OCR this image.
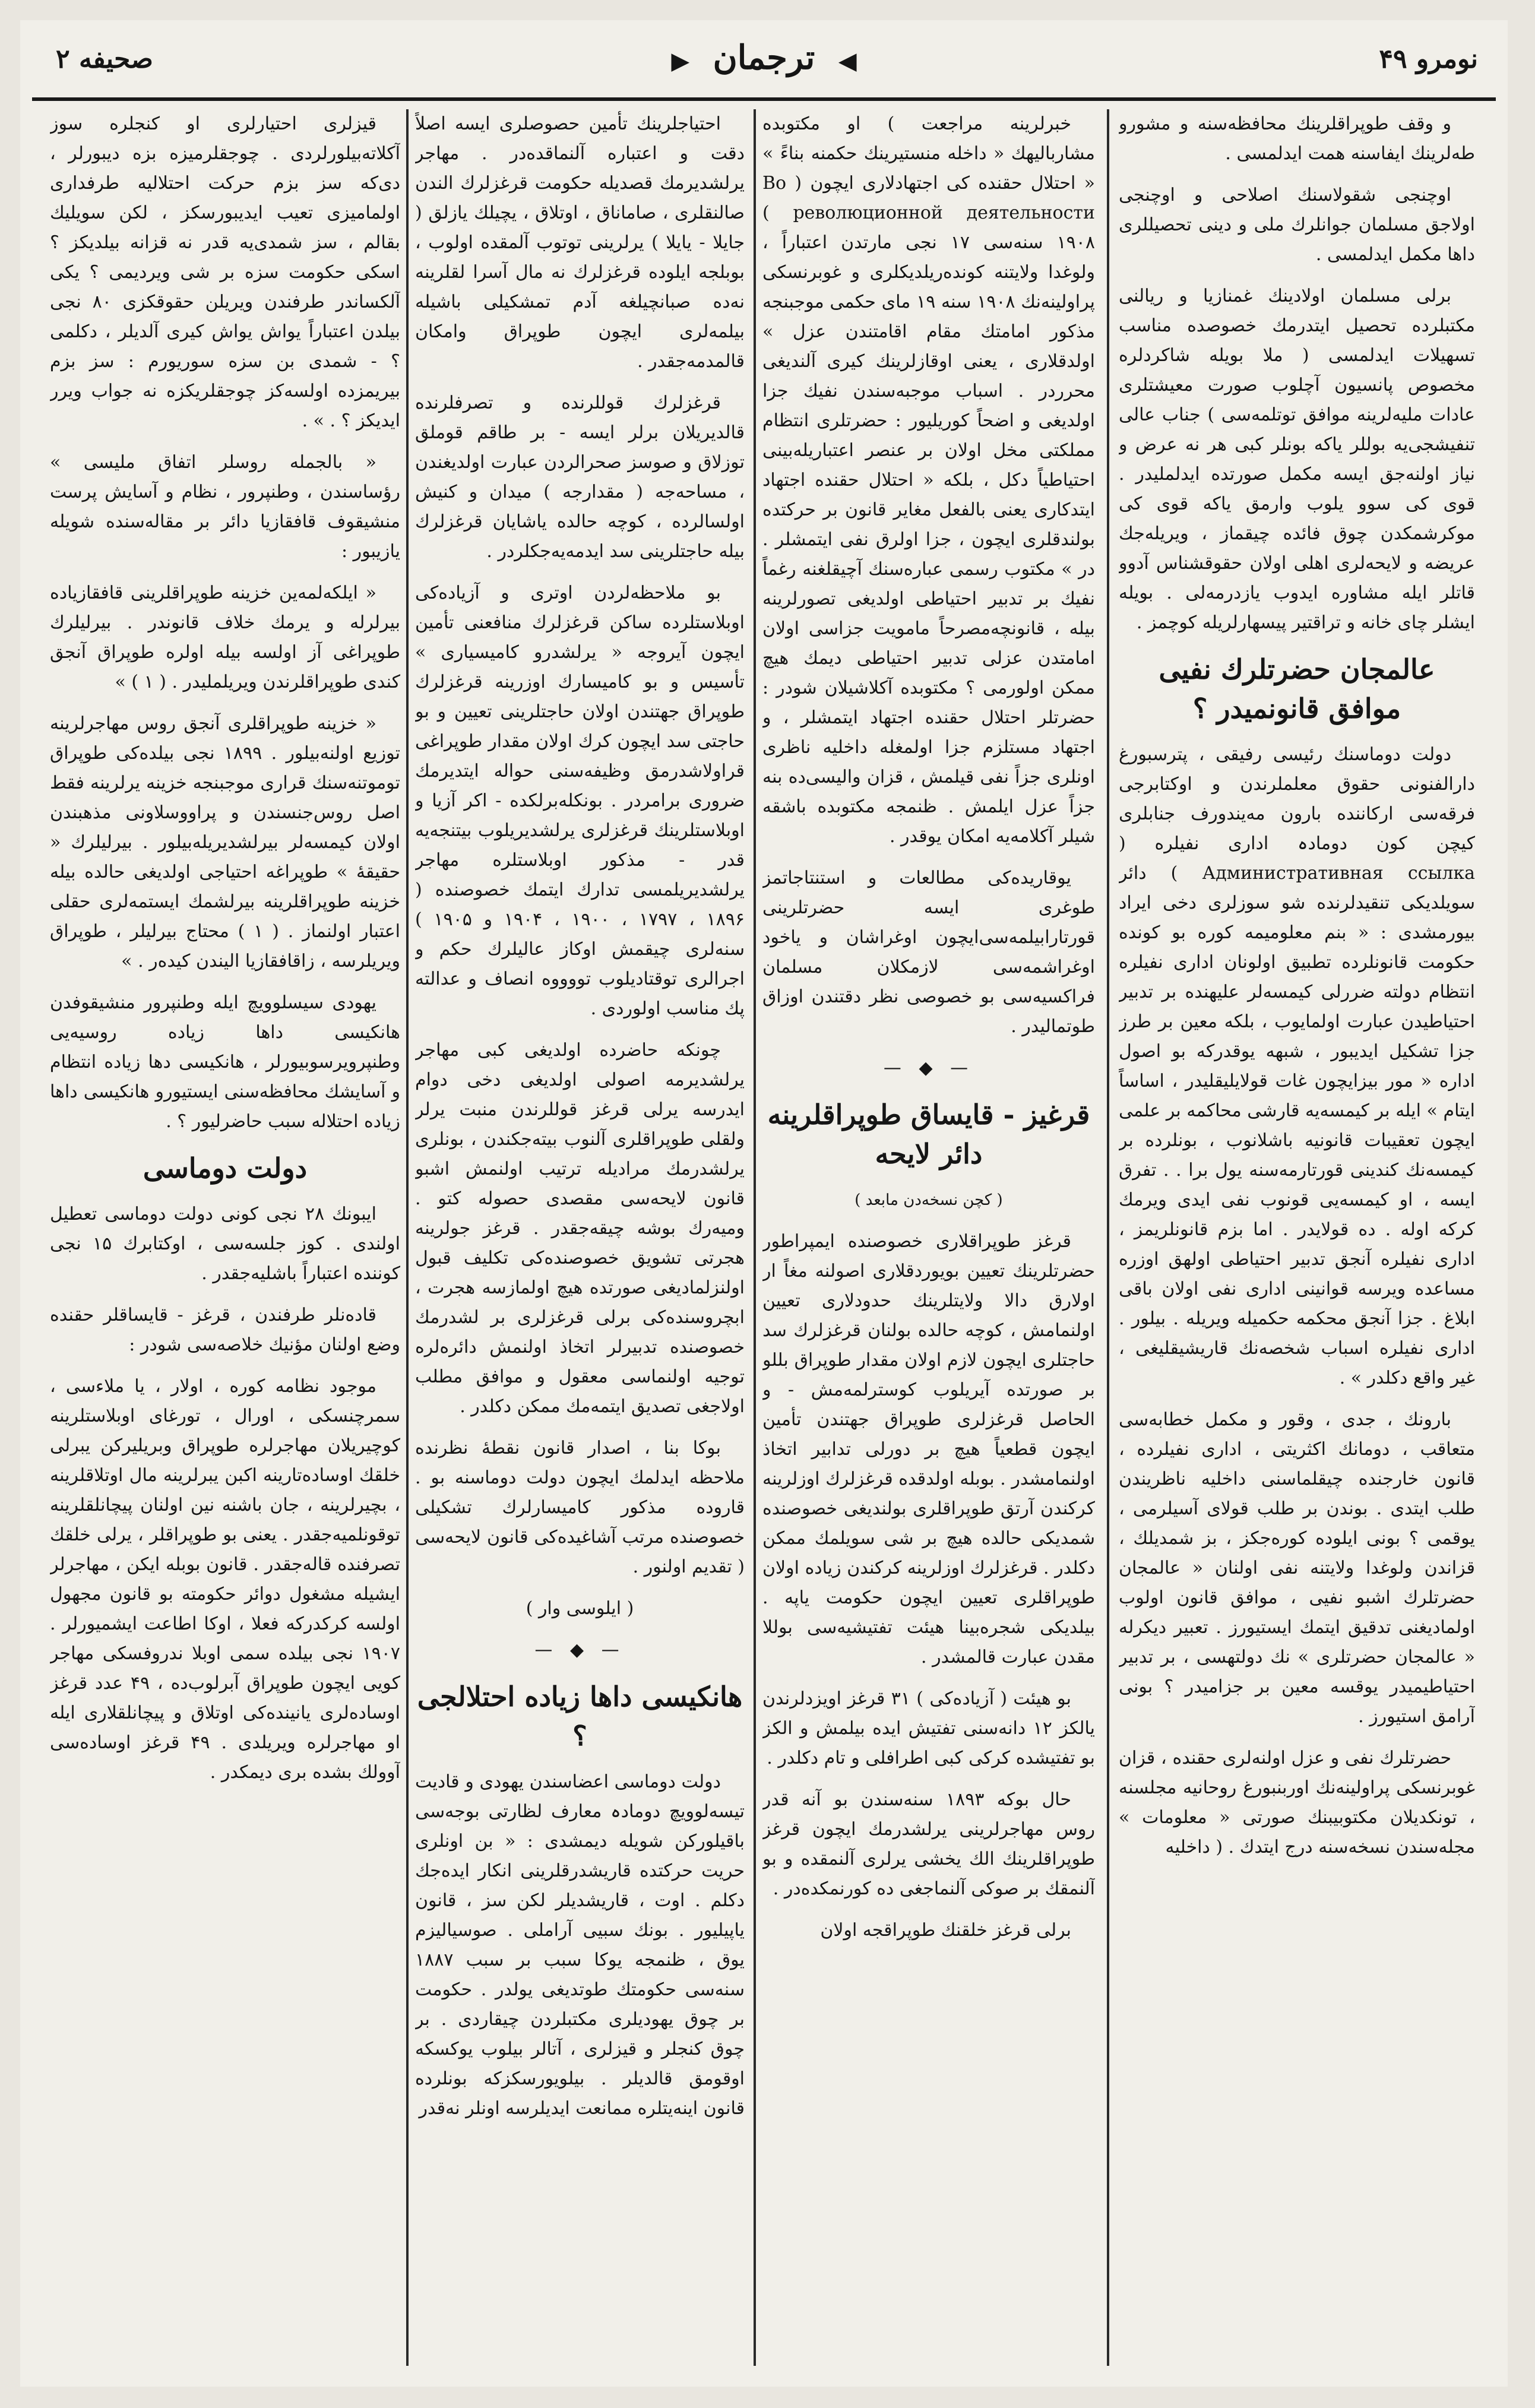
نومرو ۴۹
◀ ترجمان ▶
صحیفه ۲

و وقف طوپراقلرینك محافظه‌سنه و مشورو طه‌لرینك ایفاسنه همت ایدلمسی .

اوچنجی شقولاسنك اصلاحی و اوچنجی اولاجق مسلمان جوانلرك ملی و دینی تحصیللری داها مکمل ایدلمسی .

برلی مسلمان اولادینك غمنازیا و ریالنی مکتبلرده تحصیل ایتدرمك خصوصده مناسب تسهیلات ایدلمسی ( ملا بویله شاکردلره مخصوص پانسیون آچلوب صورت معیشتلری عادات ملیه‌لرینه موافق توتلمه‌سی ) جناب عالی تنفیشجی‌یه بوللر یاکه بونلر کبی هر نه عرض و نیاز اولنه‌جق ایسه مکمل صورتده ایدلملیدر . قوی کی سوو یلوب وارمق یاکه قوی کی موکرشمکدن چوق فائده چیقماز ، ویریله‌جك عریضه و لایحه‌لری اهلی اولان حقوقشناس آدوو قاتلر ایله مشاوره ایدوب یازدرمه‌لی . بویله ایشلر چای خانه و تراقتیر پیسهارلریله کوچمز .

عالمجان حضرتلرك نفیی موافق قانونمیدر ؟

دولت دوماسنك رئیسی رفیقی ، پترسبورغ دارالفنونی حقوق معلملرندن و اوکتابرجی فرقه‌سی ارکاننده بارون مه‌یندورف جنابلری کیچن کون دومادہ اداری نفیلره ( Административная ссылка ) دائر سویلدیکی تنقیدلرنده شو سوزلری دخی ایراد بیورمشدی : « بنم معلومیمه کوره بو کونده حکومت قانونلرده تطبیق اولونان اداری نفیلره انتظام دولته ضررلی کیمسه‌لر علیهنده بر تدبیر احتیاطیدن عبارت اولمایوب ، بلکه معین بر طرز جزا تشکیل ایدیبور ، شبهه یوقدرکه بو اصول اداره « مور بیزایچون غات قولایلیقلیدر ، اساساً ایتام » ایله بر کیمسه‌یه قارشی محاکمه بر علمی ایچون تعقیبات قانونیه باشلانوب ، بونلرده بر کیمسه‌نك کندینی قورتارمه‌سنه یول برا . . تفرق ایسه ، او کیمسه‌یی قونوب نفی ایدی ویرمك کرکه اوله . ده قولایدر . اما بزم قانونلریمز ، اداری نفیلره آنجق تدبیر احتیاطی اولهق اوزره مساعده ویرسه قوانینی اداری نفی اولان باقی ابلاغ . جزا آنجق محکمه حکمیله ویریله . بیلور . اداری نفیلره اسباب شخصه‌نك قاریشیقلیغی ، غیر واقع دکلدر » .

بارونك ، جدی ، وقور و مکمل خطابه‌سی متعاقب ، دومانك اکثریتی ، اداری نفیلرده ، قانون خارجنده چیقلماسنی داخلیه ناظریندن طلب ایتدی . بوندن بر طلب قولای آسیلرمی ، یوقمی ؟ بونی ایلوده کوره‌جکز ، بز شمدیلك ، قزاندن ولوغدا ولایتنه نفی اولنان « عالمجان حضرتلرك اشبو نفیی ، موافق قانون اولوب اولمادیغنی تدقیق ایتمك ایستیورز . تعبیر دیکرله « عالمجان حضرتلری » نك دولتهسی ، بر تدبیر احتیاطیمیدر یوقسه معین بر جزامیدر ؟ بونی آرامق استیورز .

حضرتلرك نفی و عزل اولنه‌لری حقنده ، قزان غوبرنسکی پراولینه‌نك اوربنبورغ روحانیه مجلسنه ، تونکدیلان مکتوبیبنك صورتی « معلومات » مجله‌سندن نسخه‌سنه درج ایتدك . ( داخلیه

خبرلرینه مراجعت ) او مکتوبده مشاربالیهك « داخله منستیرینك حکمنه بناءً » « احتلال حقنده کی اجتهادلاری ایچون ( Во революционной деятельности ) ۱۹۰۸ سنه‌سی ۱۷ نجی مارتدن اعتباراً ، ولوغدا ولایتنه کونده‌ریلدیکلری و غوبرنسکی پراولینه‌نك ۱۹۰۸ سنه ۱۹ مای حکمی موجبنجه مذکور امامتك مقام اقامتندن عزل » اولدقلاری ، یعنی اوقازلرینك کیری آلندیغی محرردر . اسباب موجبه‌سندن نفیك جزا اولدیغی و اضحاً کوریلیور : حضرتلری انتظام مملکتی مخل اولان بر عنصر اعتباریله‌بینی احتیاطیاً دکل ، بلکه « احتلال حقنده اجتهاد ایتدکاری یعنی بالفعل مغایر قانون بر حرکتده بولندقلری ایچون ، جزا اولرق نفی ایتمشلر . در » مکتوب رسمی عباره‌سنك آچیقلغنه رغماً نفیك بر تدبیر احتیاطی اولدیغی تصورلرینه بیله ، قانونچه‌مصرحاً مامویت جزاسی اولان امامتدن عزلی تدبیر احتیاطی دیمك هیچ ممکن اولورمی ؟ مکتوبده آکلاشیلان شودر : حضرتلر احتلال حقنده اجتهاد ایتمشلر ، و اجتهاد مستلزم جزا اولمغله داخلیه ناظری اونلری جزاً نفی قیلمش ، قزان والیسی‌ده بنه جزاً عزل ایلمش . ظنمجه مکتوبده باشقه شیلر آکلامه‌یه امکان یوقدر .

یوقاریده‌کی مطالعات و استنتاجاتمز طوغری ایسه حضرتلرینی قورتارابیلمه‌سی‌ایچون اوغراشان و یاخود اوغراشمه‌سی لازمکلان مسلمان فراکسیه‌سی بو خصوصی نظر دقتندن اوزاق طوتمالیدر .

— ◆ —

قرغیز - قایساق طوپراقلرینه دائر لایحه

( کچن نسخه‌دن مابعد )

قرغز طوپراقلاری خصوصنده ایمپراطور حضرتلرینك تعیین بویوردقلاری اصولنه مغاً ار اولارق دالا ولایتلرینك حدودلاری تعیین اولنمامش ، کوچه حالده بولنان قرغزلرك سد حاجتلری ایچون لازم اولان مقدار طوپراق بللو بر صورتده آیریلوب کوسترلمه‌مش - و الحاصل قرغزلری طوپراق جهتندن تأمین ایچون قطعیاً هیچ بر دورلی تدابیر اتخاذ اولنمامشدر . بوبله اولدقده قرغزلرك اوزلرینه کرکندن آرتق طوپراقلری بولندیغی خصوصنده شمدیکی حالده هیچ بر شی سویلمك ممکن دکلدر . قرغزلرك اوزلرینه کرکندن زیاده اولان طوپراقلری تعیین ایچون حکومت یاپه . بیلدیکی شجره‌بینا هیئت تفتیشیه‌سی بوللا مقدن عبارت قالمشدر .

بو هیئت ( آزیاده‌کی ) ۳۱ قرغز اویزدلرندن یالکز ۱۲ دانه‌سنی تفتیش ایده بیلمش و الکز بو تفتیشده کرکی کبی اطرافلی و تام دکلدر .

حال بوکه ۱۸۹۳ سنه‌سندن بو آنه قدر روس مهاجرلرینی یرلشدرمك ایچون قرغز طوپراقلرینك الك یخشی یرلری آلنمقده و بو آلنمقك بر صوکی آلنماجغی ده کورنمکده‌در .

برلی قرغز خلقنك طوپراقجه اولان

احتیاجلرینك تأمین حصوصلری ایسه اصلاً دقت و اعتباره آلنماقده‌در . مهاجر یرلشدیرمك قصدیله حکومت قرغزلرك الندن صالنقلری ، صاماناق ، اوتلاق ، یچیلك یازلق ( جایلا - یایلا ) یرلرینی توتوب آلمقده اولوب ، بوبلجه ایلوده قرغزلرك نه مال آسرا لقلرینه نه‌ده صبانچیلغه آدم تمشکیلی باشیله بیلمه‌لری ایچون طوپراق وامکان قالمدمه‌جقدر .

قرغزلرك قوللرنده و تصرفلرنده قالدیریلان برلر ایسه - بر طاقم قوملق توزلاق و صوسز صحرالردن عبارت اولدیغندن ، مساحه‌جه ( مقدارجه ) میدان و کنیش اولسالرده ، کوچه حالده یاشایان قرغزلرك بیله حاجتلرینی سد ایدمه‌یه‌جکلردر .

بو ملاحظه‌لردن اوتری و آزیاده‌کی اوبلاستلرده ساکن قرغزلرك منافعنی تأمین ایچون آیروجه « یرلشدرو کامیسیاری » تأسیس و بو کامیسارك اوزرینه قرغزلرك طوپراق جهتندن اولان حاجتلرینی تعیین و بو حاجتی سد ایچون کرك اولان مقدار طوپراغی قراولاشدرمق وظیفه‌سنی حواله ایتدیرمك ضروری برامردر . بونکله‌برلکده - اکر آزیا و اوبلاستلرینك قرغزلری یرلشدیریلوب بیتنجه‌یه قدر - مذکور اوبلاستلره مهاجر یرلشدیریلمسی تدارك ایتمك خصوصنده ( ۱۸۹۶ ، ۱۷۹۷ ، ۱۹۰۰ ، ۱۹۰۴ و ۱۹۰۵ ) سنه‌لری چیقمش اوکاز عالیلرك حکم و اجرالری توقتادیلوب تووووه انصاف و عدالته پك مناسب اولوردی .

چونکه حاضرده اولدیغی کبی مهاجر یرلشدیرمه اصولی اولدیغی دخی دوام ایدرسه یرلی قرغز قوللرندن منبت یرلر ولقلی طوپراقلری آلنوب بیته‌جکندن ، بونلری یرلشدرمك مرادیله ترتیب اولنمش اشبو قانون لایحه‌سی مقصدی حصوله کتو . ومیه‌رك بوشه چیقه‌جقدر . قرغز جولرینه هجرتی تشویق خصوصنده‌کی تکلیف قبول اولنزلمادیغی صورتده هیچ اولمازسه هجرت ، ابچروسنده‌کی برلی قرغزلری بر لشدرمك خصوصنده تدبیرلر اتخاذ اولنمش دائره‌لره توجیه اولنماسی معقول و موافق مطلب اولاجغی تصدیق ایتمه‌مك ممکن دکلدر .

بوکا بنا ، اصدار قانون نقطه‌ٔ نظرنده ملاحظه ایدلمك ایچون دولت دوماسنه بو . قاروده مذکور کامیسارلرك تشکیلی خصوصنده مرتب آشاغیده‌کی قانون لایحه‌سی ( تقدیم اولنور .

( ایلوسی وار )

— ◆ —

هانکیسی داها زیاده احتلالجی ؟

دولت دوماسی اعضاسندن یهودی و قادیت تیسه‌لوویچ دومادہ معارف لظارتی بوجه‌سی باقیلورکن شویله دیمشدی : « بن اونلری حریت حرکتده قاریشدرقلرینی انکار ایده‌جك دکلم . اوت ، قاریشدیلر لکن سز ، قانون یاپیلیور . بونك سبیی آراملی . صوسیالیزم یوق ، ظنمجه یوکا سبب بر سبب ۱۸۸۷ سنه‌سی حکومتك طوتدیغی یولدر . حکومت بر چوق یهودیلری مکتبلردن چیقاردی . بر چوق کنجلر و قیزلری ، آتالر بیلوب یوکسکه اوقومق قالدیلر . بیلویورسکزکه بونلرده قانون اینه‌یتلره ممانعت ایدیلرسه اونلر نه‌قدر

قیزلری احتیارلری او کنجلره سوز آکلاته‌بیلورلردی . چوجقلرمیزه بزه دیبورلر ، دی‌که سز بزم حرکت احتلالیه طرفداری اولمامیزی تعیب ایدیبورسکز ، لکن سویلیك بقالم ، سز شمدی‌یه قدر نه قزانه بیلدیکز ؟ اسکی حکومت سزه بر شی ویردیمی ؟ یکی آلکساندر طرفندن ویریلن حقوقکزی ۸۰ نجی بیلدن اعتباراً یواش یواش کیری آلدیلر ، دکلمی ؟ - شمدی بن سزه سوریورم : سز بزم بیریمزده اولسه‌کز چوجقلریکزه نه جواب ویرر ایدیکز ؟ . » .

« بالجمله روسلر اتفاق ملیسی » رؤساسندن ، وطنپرور ، نظام و آسایش پرست منشیقوف قافقازیا دائر بر مقاله‌سنده شویله یازیبور :

« ایلکه‌لمه‌ین خزینه طوپراقلرینی قافقازیاده بیرلرله و یرمك خلاف قانوندر . بیرلیلرك طوپراغی آز اولسه بیله اولره طوپراق آنجق کندی طوپراقلرندن ویریلملیدر . ( ۱ ) »

« خزینه طوپراقلری آنجق روس مهاجرلرینه توزیع اولنه‌بیلور . ۱۸۹۹ نجی بیلده‌کی طوپراق توموتنه‌سنك قراری موجبنجه خزینه یرلرینه فقط اصل روس‌جنسندن و پراووسلاونی مذهبندن اولان کیمسه‌لر بیرلشدیریله‌بیلور . بیرلیلرك « حقیقه‌ٔ » طوپراغه احتیاجی اولدیغی حالده بیله خزینه طوپراقلرینه بیرلشمك ایستمه‌لری حقلی اعتبار اولنماز . ( ۱ ) محتاج بیرلیلر ، طوپراق ویریلرسه ، زاقافقازیا الیندن کیده‌ر . »

یهودی سیسلوویچ ایله وطنپرور منشیقوفدن هانکیسی داها زیاده روسیه‌یی وطنپرویرسوبیورلر ، هانکیسی دها زیاده انتظام و آسایشك محافظه‌سنی ایستیورو هانکیسی داها زیاده احتلاله سبب حاضرلیور ؟ .

دولت دوماسی

ایبونك ۲۸ نجی کونی دولت دوماسی تعطیل اولندی . کوز جلسه‌سی ، اوکتابرك ۱۵ نجی کوننده اعتباراً باشلیه‌جقدر .

قاده‌نلر طرفندن ، قرغز - قایساقلر حقنده وضع اولنان مؤنیك خلاصه‌سی شودر :

موجود نظامه کوره ، اولار ، یا ملاءسی ، سمرچنسکی ، اورال ، تورغای اوبلاستلرینه کوچیریلان مهاجرلره طوپراق وبریلیرکن یبرلی خلقك اوساده‌تارینه اکبن یبرلرینه مال اوتلاقلرینه ، بچیرلرینه ، جان باشنه نین اولنان پیچانلقلرینه توقونلمیه‌جقدر . یعنی بو طوپراقلر ، یرلی خلقك تصرفنده قاله‌جقدر . قانون بوبله ایکن ، مهاجرلر ایشیله مشغول دوائر حکومته بو قانون مجهول اولسه کرکدرکه فعلا ، اوکا اطاعت ایشمیورلر . ۱۹۰۷ نجی بیلده سمی اوبلا ندروفسکی مهاجر کویی ایچون طوپراق آبرلوب‌ده ، ۴۹ عدد قرغز اوساده‌لری یانینده‌کی اوتلاق و پیچانلقلاری ایله او مهاجرلره ویریلدی . ۴۹ قرغز اوساده‌سی آوولك بشده بری دیمکدر .
